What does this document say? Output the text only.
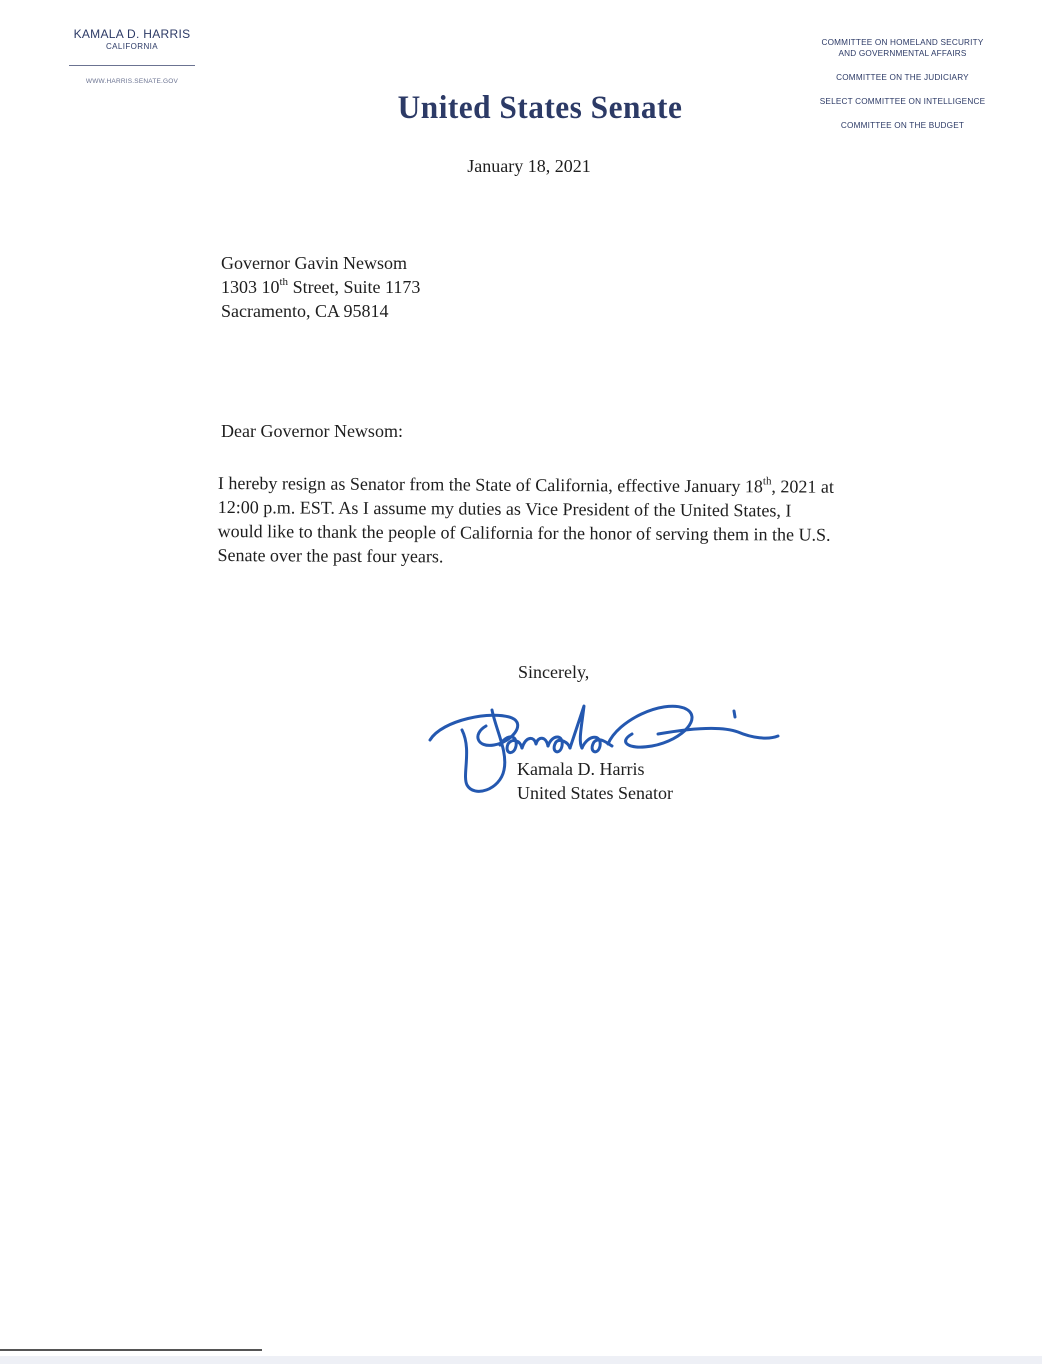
KAMALA D. HARRIS
CALIFORNIA
WWW.HARRIS.SENATE.GOV
United States Senate
COMMITTEE ON HOMELAND SECURITY
AND GOVERNMENTAL AFFAIRS
COMMITTEE ON THE JUDICIARY
SELECT COMMITTEE ON INTELLIGENCE
COMMITTEE ON THE BUDGET
January 18, 2021
Governor Gavin Newsom
1303 10th Street, Suite 1173
Sacramento, CA 95814
Dear Governor Newsom:
I hereby resign as Senator from the State of California, effective January 18th, 2021 at 12:00 p.m. EST. As I assume my duties as Vice President of the United States, I would like to thank the people of California for the honor of serving them in the U.S. Senate over the past four years.
Sincerely,
Kamala D. Harris
United States Senator
